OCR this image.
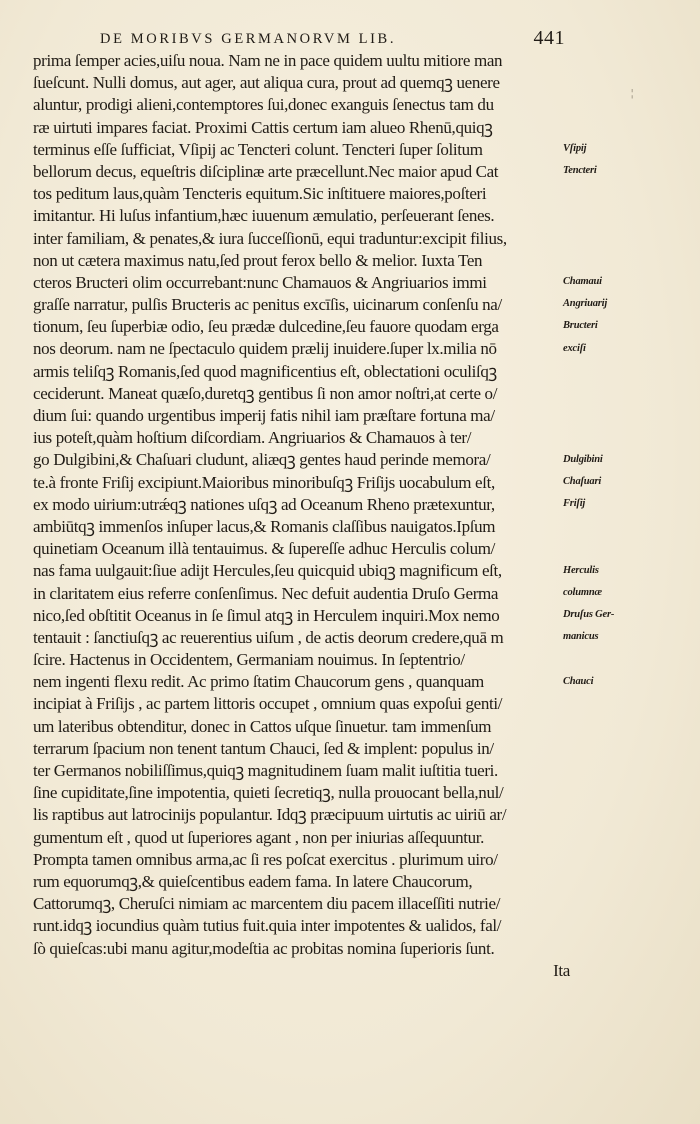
DE MORIBVS GERMANORVM LIB.	441
prima ſemper acies,uiſu noua. Nam ne in pace quidem uultu mitiore man
ſueſcunt. Nulli domus, aut ager, aut aliqua cura, prout ad quemqꝫ uenere
aluntur, prodigi alieni,contemptores ſui,donec exanguis ſenectus tam du
ræ uirtuti impares faciat. Proximi Cattis certum iam alueo Rhenū,quiqꝫ
terminus eſſe ſufficiat, Vſipij ac Tencteri colunt. Tencteri ſuper ſolitum
bellorum decus, equeſtris diſciplinæ arte præcellunt.Nec maior apud Cat
tos peditum laus,quàm Tencteris equitum.Sic inſtituere maiores,poſteri
imitantur. Hi luſus infantium,hæc iuuenum æmulatio, perſeuerant ſenes.
inter familiam, & penates,& iura ſucceſſionū, equi traduntur:excipit filius,
non ut cætera maximus natu,ſed prout ferox bello & melior. Iuxta Ten
cteros Bructeri olim occurrebant:nunc Chamauos & Angriuarios immi
graſſe narratur, pulſis Bructeris ac penitus excīſis, uicinarum conſenſu na/
tionum, ſeu ſuperbiæ odio, ſeu prædæ dulcedine,ſeu fauore quodam erga
nos deorum. nam ne ſpectaculo quidem prælij inuidere.ſuper lx.milia nō
armis teliſqꝫ Romanis,ſed quod magnificentius eſt, oblectationi oculiſqꝫ
ceciderunt. Maneat quæſo,duretqꝫ gentibus ſi non amor noſtri,at certe o/
dium ſui: quando urgentibus imperij fatis nihil iam præſtare fortuna ma/
ius poteſt,quàm hoſtium diſcordiam. Angriuarios & Chamauos à ter/
go Dulgibini,& Chaſuari cludunt, aliæqꝫ gentes haud perinde memora/
te.à fronte Friſij excipiunt.Maioribus minoribuſqꝫ Friſijs uocabulum eſt,
ex modo uirium:utrǽqꝫ nationes uſqꝫ ad Oceanum Rheno prætexuntur,
ambiūtqꝫ immenſos inſuper lacus,& Romanis claſſibus nauigatos.Ipſum
quinetiam Oceanum illà tentauimus. & ſupereſſe adhuc Herculis colum/
nas fama uulgauit:ſiue adijt Hercules,ſeu quicquid ubiqꝫ magnificum eſt,
in claritatem eius referre conſenſimus. Nec defuit audentia Druſo Germa
nico,ſed obſtitit Oceanus in ſe ſimul atqꝫ in Herculem inquiri.Mox nemo
tentauit : ſanctiuſqꝫ ac reuerentius uiſum , de actis deorum credere,quā m
ſcire. Hactenus in Occidentem, Germaniam nouimus. In ſeptentrio/
nem ingenti flexu redit. Ac primo ſtatim Chaucorum gens , quanquam
incipiat à Friſijs , ac partem littoris occupet , omnium quas expoſui genti/
um lateribus obtenditur, donec in Cattos uſque ſinuetur. tam immenſum
terrarum ſpacium non tenent tantum Chauci, ſed & implent: populus in/
ter Germanos nobiliſſimus,quiqꝫ magnitudinem ſuam malit iuſtitia tueri.
ſine cupiditate,ſine impotentia, quieti ſecretiqꝫ, nulla prouocant bella,nul/
lis raptibus aut latrocinijs populantur. Idqꝫ præcipuum uirtutis ac uiriū ar/
gumentum eſt , quod ut ſuperiores agant , non per iniurias aſſequuntur.
Prompta tamen omnibus arma,ac ſi res poſcat exercitus . plurimum uiro/
rum equorumqꝫ,& quieſcentibus eadem fama. In latere Chaucorum,
Cattorumqꝫ, Cheruſci nimiam ac marcentem diu pacem illaceſſiti nutrie/
runt.idqꝫ iocundius quàm tutius fuit.quia inter impotentes & ualidos, fal/
ſò quieſcas:ubi manu agitur,modeſtia ac probitas nomina ſuperioris ſunt.
Ita
Vſipij
Tencteri
Chamaui
Angriuarij
Bructeri
exciſi
Dulgibini
Chaſuari
Friſij
Herculis
columnæ
Druſus Ger-
manicus
Chauci
¦
